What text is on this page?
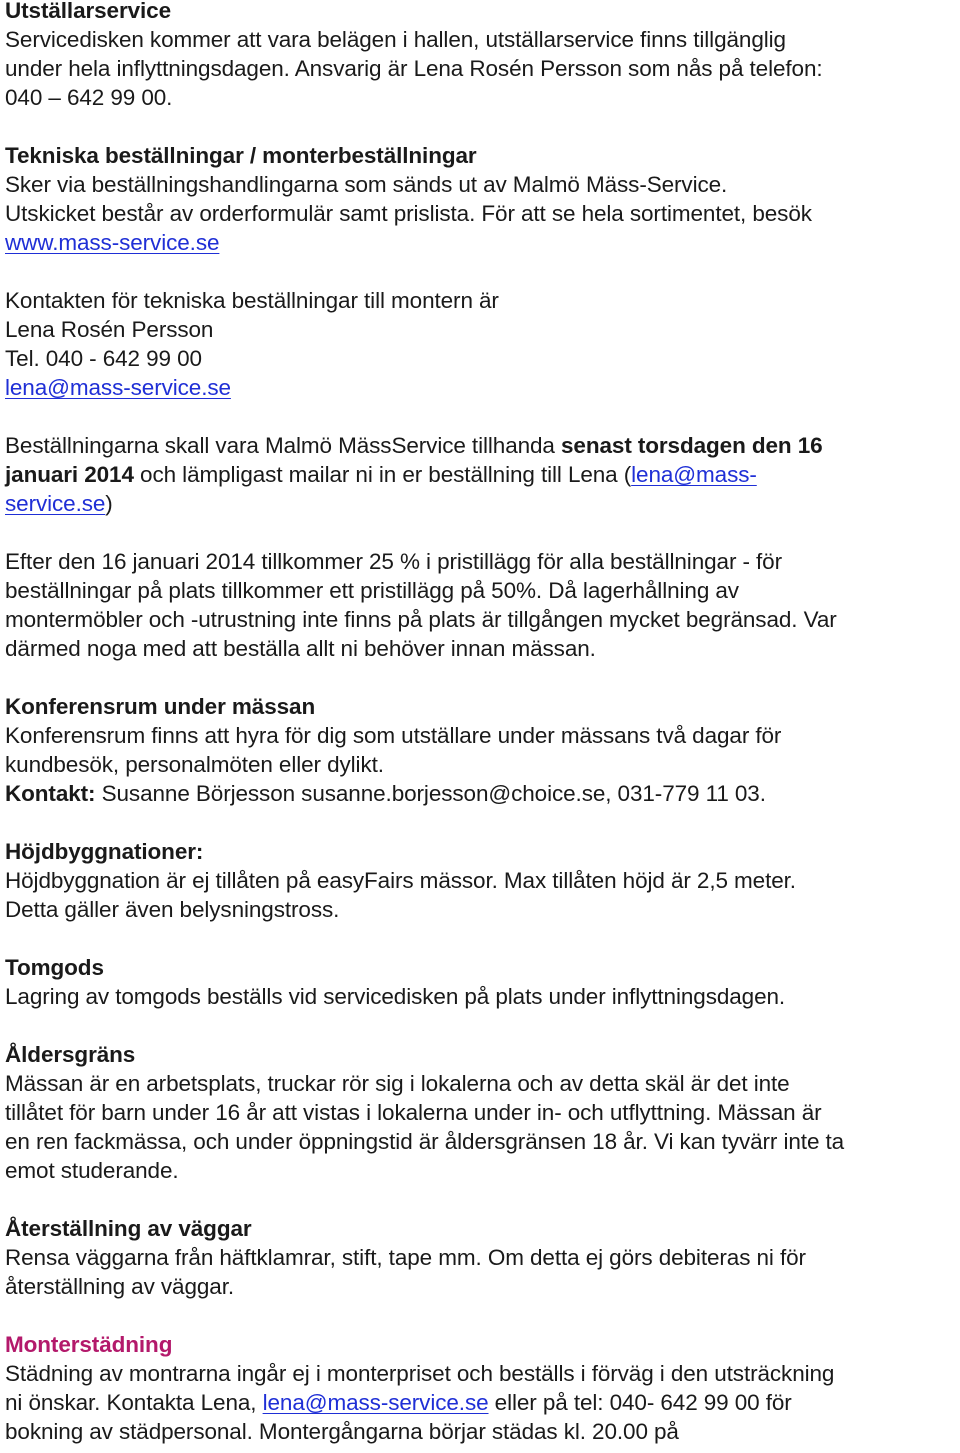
Utställarservice
Servicedisken kommer att vara belägen i hallen, utställarservice finns tillgänglig
under hela inflyttningsdagen. Ansvarig är Lena Rosén Persson som nås på telefon:
040 – 642 99 00.
Tekniska beställningar / monterbeställningar
Sker via beställningshandlingarna som sänds ut av Malmö Mäss-Service.
Utskicket består av orderformulär samt prislista. För att se hela sortimentet, besök
www.mass-service.se
Kontakten för tekniska beställningar till montern är
Lena Rosén Persson
Tel. 040 - 642 99 00
lena@mass-service.se
Beställningarna skall vara Malmö MässService tillhanda senast torsdagen den 16
januari 2014 och lämpligast mailar ni in er beställning till Lena (lena@mass-
service.se)
Efter den 16 januari 2014 tillkommer 25 % i pristillägg för alla beställningar - för
beställningar på plats tillkommer ett pristillägg på 50%. Då lagerhållning av
montermöbler och -utrustning inte finns på plats är tillgången mycket begränsad. Var
därmed noga med att beställa allt ni behöver innan mässan.
Konferensrum under mässan
Konferensrum finns att hyra för dig som utställare under mässans två dagar för
kundbesök, personalmöten eller dylikt.
Kontakt: Susanne Börjesson susanne.borjesson@choice.se, 031-779 11 03.
Höjdbyggnationer:
Höjdbyggnation är ej tillåten på easyFairs mässor. Max tillåten höjd är 2,5 meter.
Detta gäller även belysningstross.
Tomgods
Lagring av tomgods beställs vid servicedisken på plats under inflyttningsdagen.
Åldersgräns
Mässan är en arbetsplats, truckar rör sig i lokalerna och av detta skäl är det inte
tillåtet för barn under 16 år att vistas i lokalerna under in- och utflyttning. Mässan är
en ren fackmässa, och under öppningstid är åldersgränsen 18 år. Vi kan tyvärr inte ta
emot studerande.
Återställning av väggar
Rensa väggarna från häftklamrar, stift, tape mm. Om detta ej görs debiteras ni för
återställning av väggar.
Monterstädning
Städning av montrarna ingår ej i monterpriset och beställs i förväg i den utsträckning
ni önskar. Kontakta Lena, lena@mass-service.se eller på tel: 040- 642 99 00 för
bokning av städpersonal. Montergångarna börjar städas kl. 20.00 på
